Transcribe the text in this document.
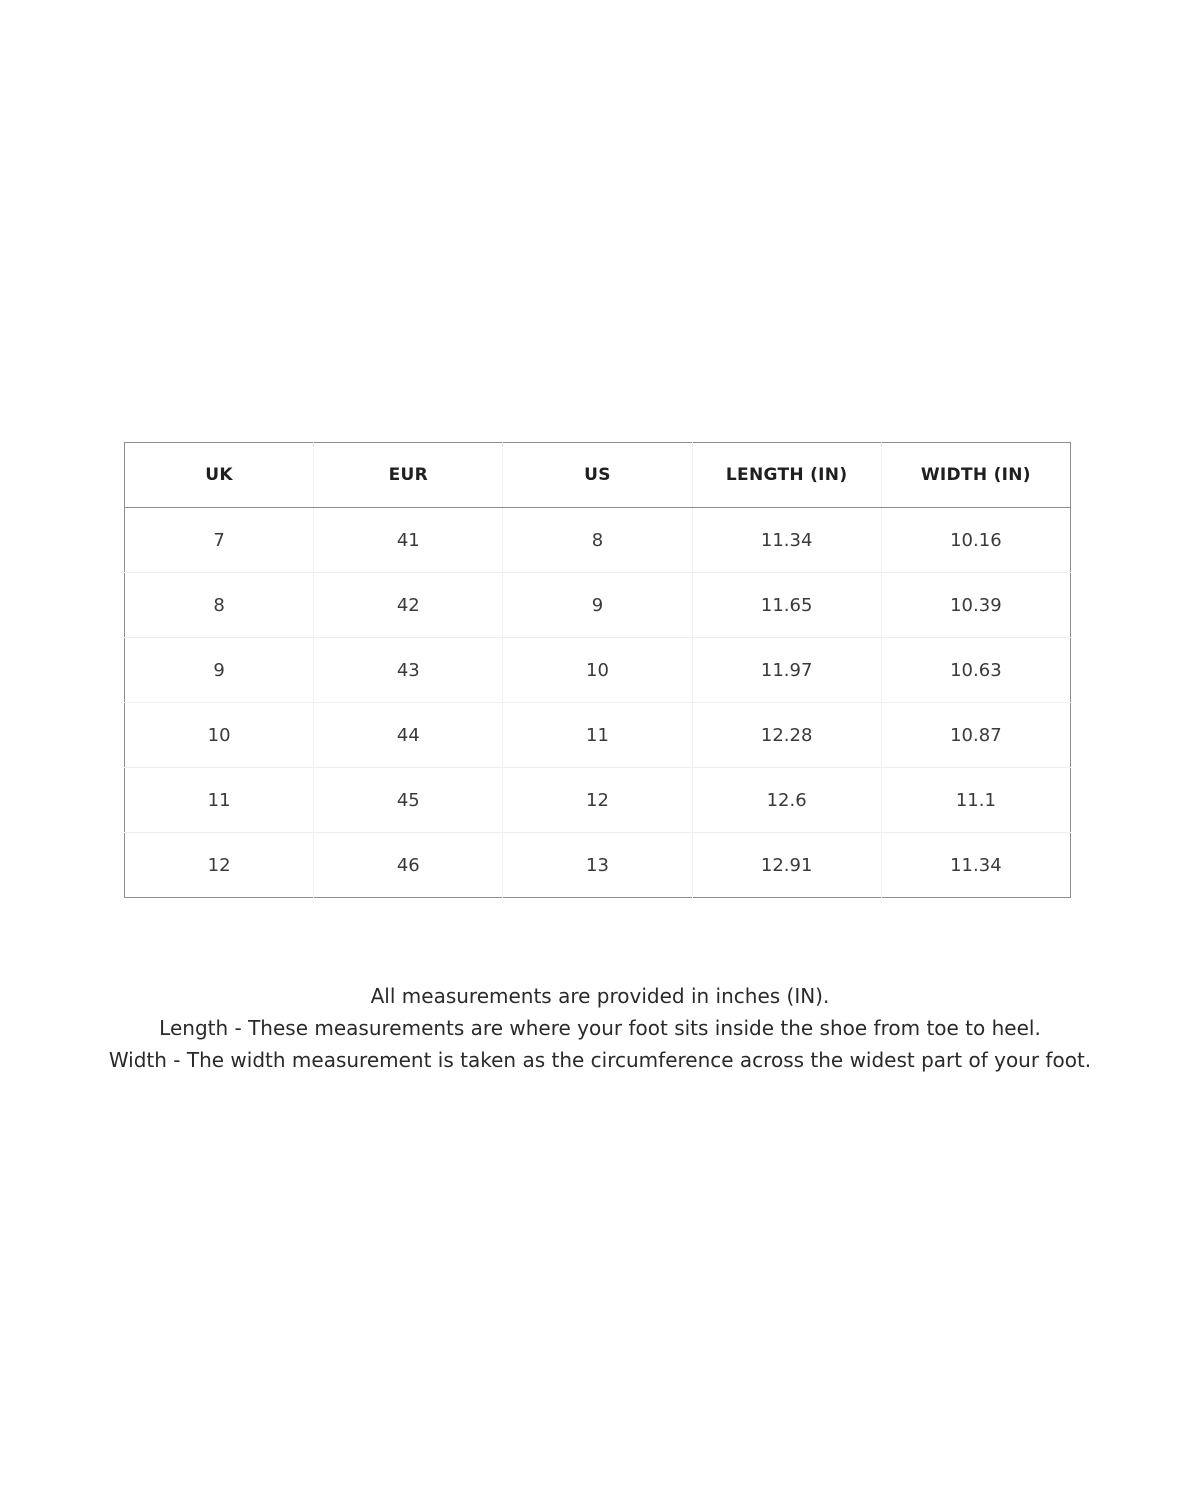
UK	EUR	US	LENGTH (IN)	WIDTH (IN)
7	41	8	11.34	10.16
8	42	9	11.65	10.39
9	43	10	11.97	10.63
10	44	11	12.28	10.87
11	45	12	12.6	11.1
12	46	13	12.91	11.34

All measurements are provided in inches (IN).

Length - These measurements are where your foot sits inside the shoe from toe to heel.

Width - The width measurement is taken as the circumference across the widest part of your foot.
